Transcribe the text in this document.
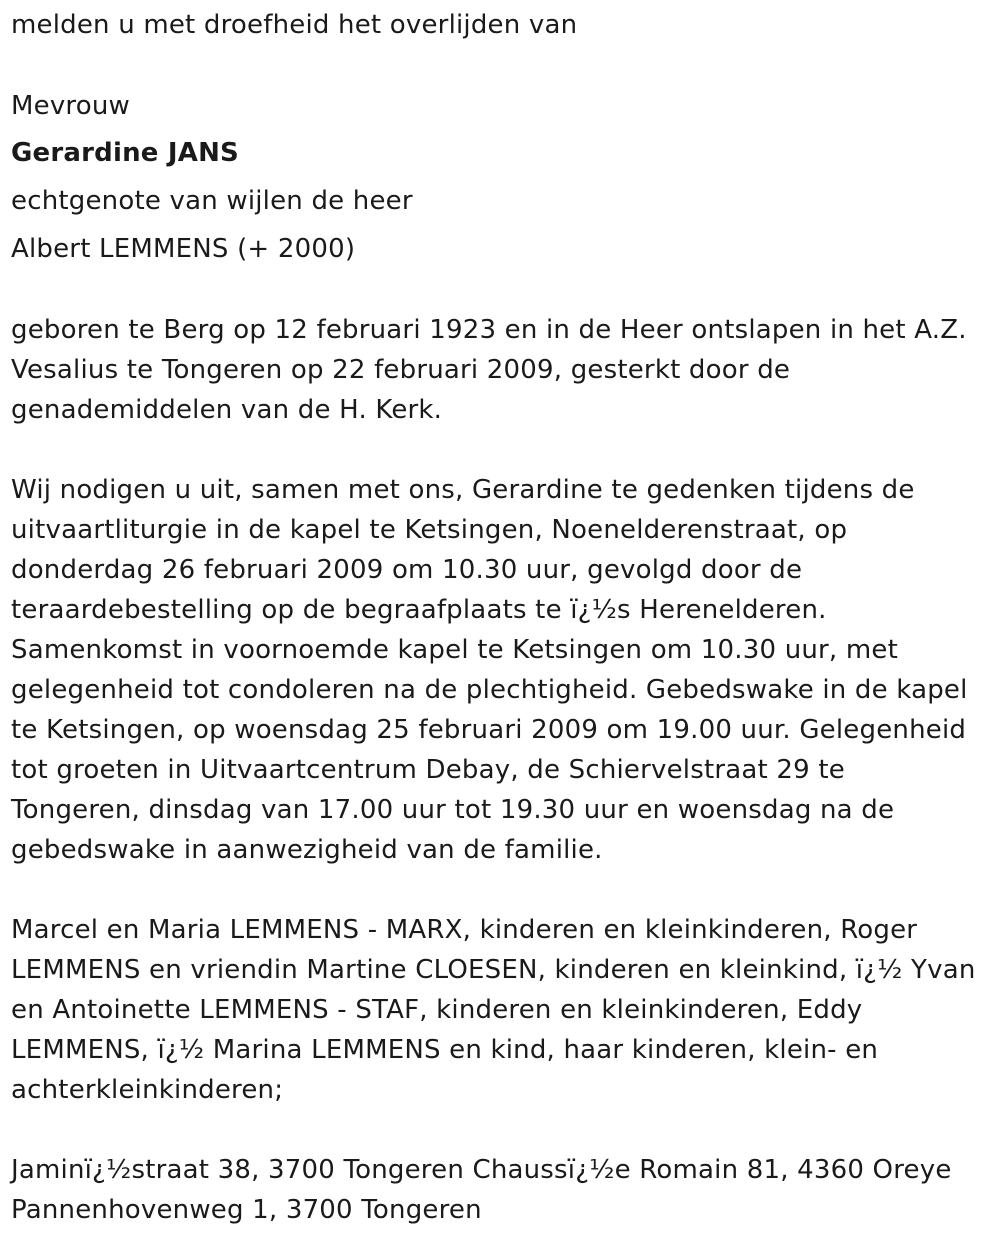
melden u met droefheid het overlijden van
Mevrouw
Gerardine JANS
echtgenote van wijlen de heer
Albert LEMMENS (+ 2000)
geboren te Berg op 12 februari 1923 en in de Heer ontslapen in het A.Z.
Vesalius te Tongeren op 22 februari 2009, gesterkt door de
genademiddelen van de H. Kerk.
Wij nodigen u uit, samen met ons, Gerardine te gedenken tijdens de
uitvaartliturgie in de kapel te Ketsingen, Noenelderenstraat, op
donderdag 26 februari 2009 om 10.30 uur, gevolgd door de
teraardebestelling op de begraafplaats te ï¿½s Herenelderen.
Samenkomst in voornoemde kapel te Ketsingen om 10.30 uur, met
gelegenheid tot condoleren na de plechtigheid. Gebedswake in de kapel
te Ketsingen, op woensdag 25 februari 2009 om 19.00 uur. Gelegenheid
tot groeten in Uitvaartcentrum Debay, de Schiervelstraat 29 te
Tongeren, dinsdag van 17.00 uur tot 19.30 uur en woensdag na de
gebedswake in aanwezigheid van de familie.
Marcel en Maria LEMMENS - MARX, kinderen en kleinkinderen, Roger
LEMMENS en vriendin Martine CLOESEN, kinderen en kleinkind, ï¿½ Yvan
en Antoinette LEMMENS - STAF, kinderen en kleinkinderen, Eddy
LEMMENS, ï¿½ Marina LEMMENS en kind, haar kinderen, klein- en
achterkleinkinderen;
Jaminï¿½straat 38, 3700 Tongeren Chaussï¿½e Romain 81, 4360 Oreye
Pannenhovenweg 1, 3700 Tongeren
